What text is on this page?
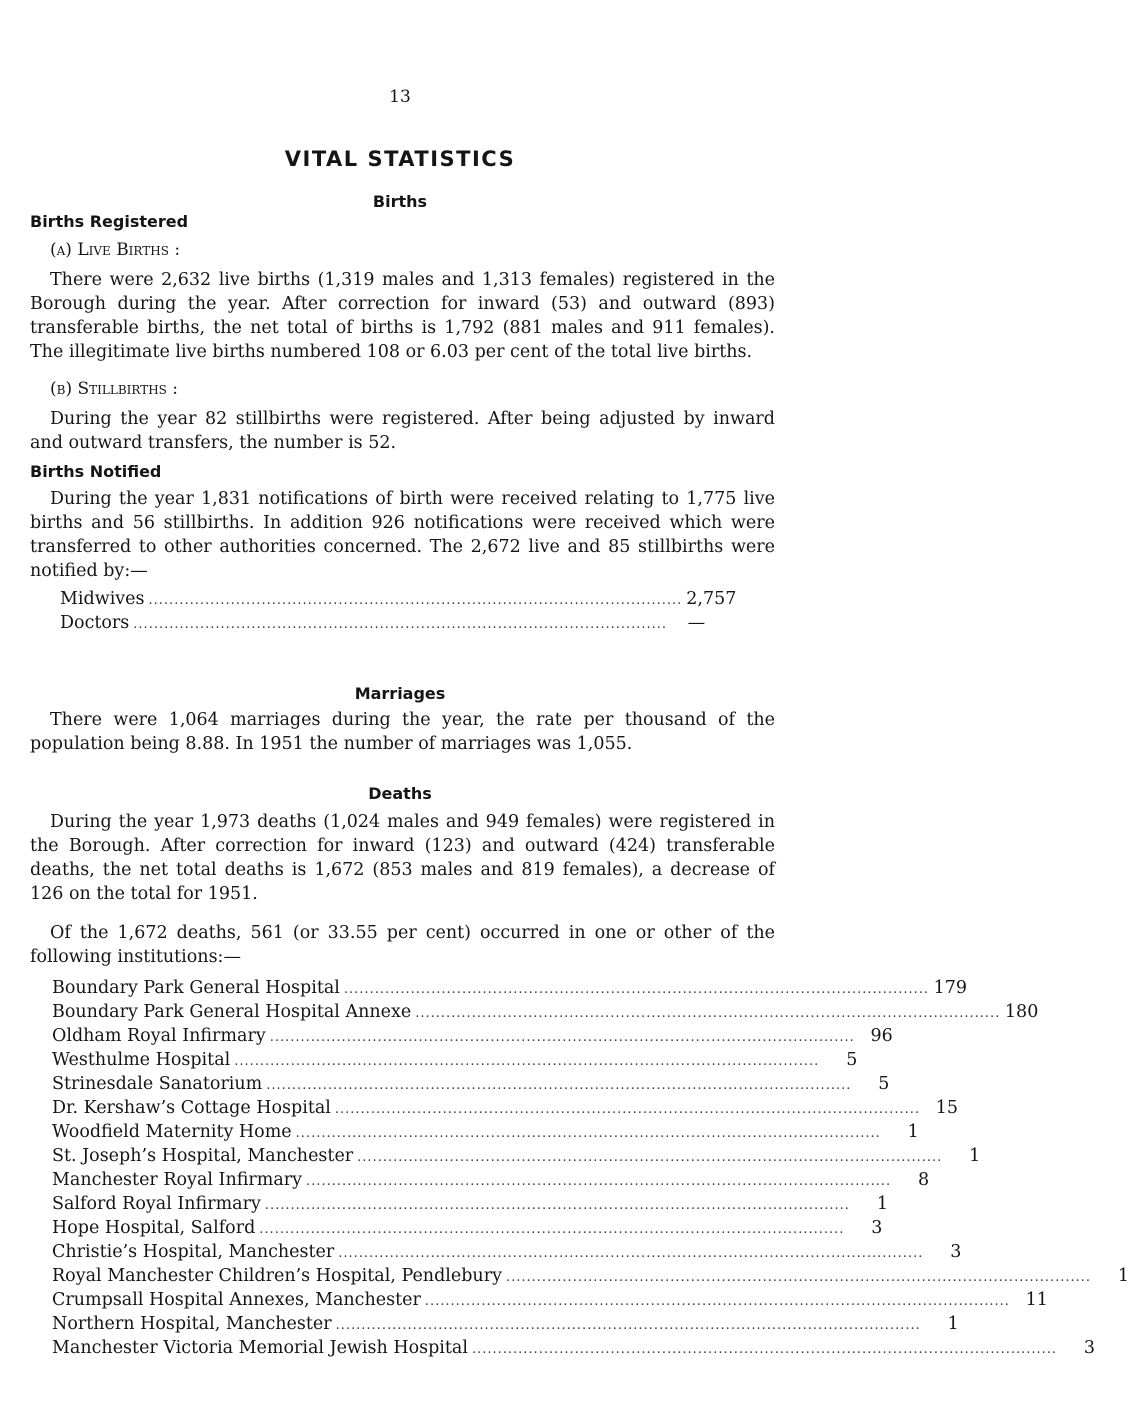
13
VITAL STATISTICS
Births
Births Registered
(a) Live Births :
There were 2,632 live births (1,319 males and 1,313 females) registered in the Borough during the year. After correction for inward (53) and outward (893) transferable births, the net total of births is 1,792 (881 males and 911 females). The illegitimate live births numbered 108 or 6.03 per cent of the total live births.
(b) Stillbirths :
During the year 82 stillbirths were registered. After being adjusted by inward and outward transfers, the number is 52.
Births Notified
During the year 1,831 notifications of birth were received relating to 1,775 live births and 56 stillbirths. In addition 926 notifications were received which were transferred to other authorities concerned. The 2,672 live and 85 stillbirths were notified by:—
Midwives ........................................................................................................ 2,757
Doctors ........................................................................................................	—
Marriages
There were 1,064 marriages during the year, the rate per thousand of the population being 8.88. In 1951 the number of marriages was 1,055.
Deaths
During the year 1,973 deaths (1,024 males and 949 females) were registered in the Borough. After correction for inward (123) and outward (424) transferable deaths, the net total deaths is 1,672 (853 males and 819 females), a decrease of 126 on the total for 1951.
Of the 1,672 deaths, 561 (or 33.55 per cent) occurred in one or other of the following institutions:—
Boundary Park General Hospital .................................................................................................................. 179
Boundary Park General Hospital Annexe .................................................................................................................. 180
Oldham Royal Infirmary .................................................................................................................. 96
Westhulme Hospital ..................................................................................................................	5
Strinesdale Sanatorium ..................................................................................................................	5
Dr. Kershaw’s Cottage Hospital .................................................................................................................. 15
Woodfield Maternity Home ..................................................................................................................	1
St. Joseph’s Hospital, Manchester ..................................................................................................................	1
Manchester Royal Infirmary ..................................................................................................................	8
Salford Royal Infirmary ..................................................................................................................	1
Hope Hospital, Salford ..................................................................................................................	3
Christie’s Hospital, Manchester ..................................................................................................................	3
Royal Manchester Children’s Hospital, Pendlebury ..................................................................................................................	1
Crumpsall Hospital Annexes, Manchester .................................................................................................................. 11
Northern Hospital, Manchester ..................................................................................................................	1
Manchester Victoria Memorial Jewish Hospital ..................................................................................................................	3
